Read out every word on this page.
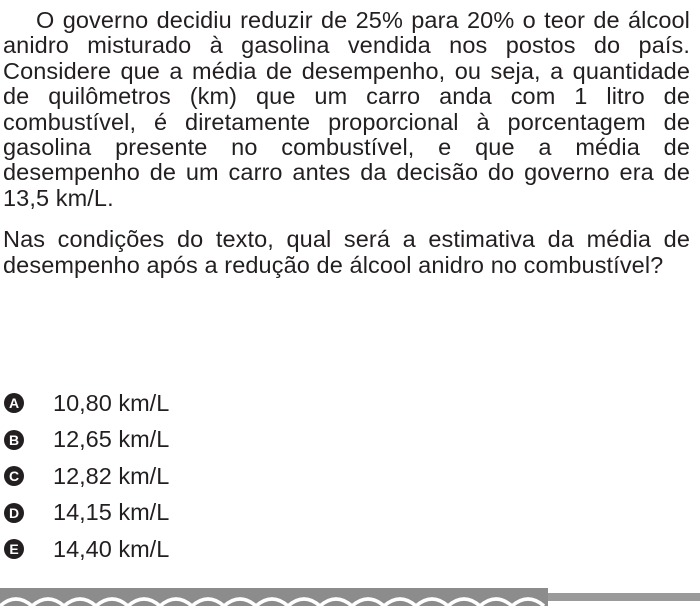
O governo decidiu reduzir de 25% para 20% o teor de álcool anidro misturado à gasolina vendida nos postos do país. Considere que a média de desempenho, ou seja, a quantidade de quilômetros (km) que um carro anda com 1 litro de combustível, é diretamente proporcional à porcentagem de gasolina presente no combustível, e que a média de desempenho de um carro antes da decisão do governo era de 13,5 km/L.

Nas condições do texto, qual será a estimativa da média de desempenho após a redução de álcool anidro no combustível?

A 10,80 km/L
B 12,65 km/L
C 12,82 km/L
D 14,15 km/L
E 14,40 km/L
